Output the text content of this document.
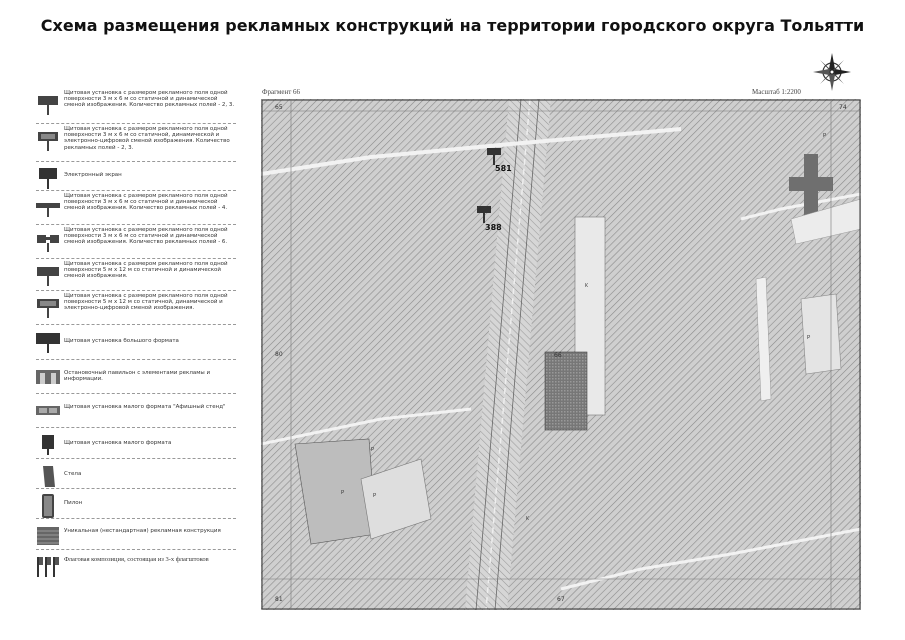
Схема размещения рекламных конструкций на территории городского округа Тольятти
Щитовая установка с размером рекламного поля одной поверхности 3 м х 6 м со статичной и динамической сменой изображения. Количество рекламных полей - 2, 3.
Щитовая установка с размером рекламного поля одной поверхности 3 м х 6 м со статичной, динамической и электронно-цифровой сменой изображения. Количество рекламных полей - 2, 3.
Электронный экран
Щитовая установка с размером рекламного поля одной поверхности 3 м х 6 м со статичной и динамической сменой изображения. Количество рекламных полей - 4.
Щитовая установка с размером рекламного поля одной поверхности 3 м х 6 м со статичной и динамической сменой изображения. Количество рекламных полей - 6.
Щитовая установка с размером рекламного поля одной поверхности 5 м х 12 м со статичной и динамической сменой изображения.
Щитовая установка с размером рекламного поля одной поверхности 5 м х 12 м со статичной, динамической и электронно-цифровой сменой изображения.
Щитовая установка большого формата
Остановочный павильон с элементами рекламы и информации.
Щитовая установка малого формата "Афишный стенд"
Щитовая установка малого формата
Стела
Пилон
Уникальная (нестандартная) рекламная конструкция
Флаговая композиция, состоящая из 3-х флагштоков
Фрагмент 66	Масштаб 1:2200
65	74
81	67
80	66
К
Р
Р	Р
Р
Р
К
581
388
